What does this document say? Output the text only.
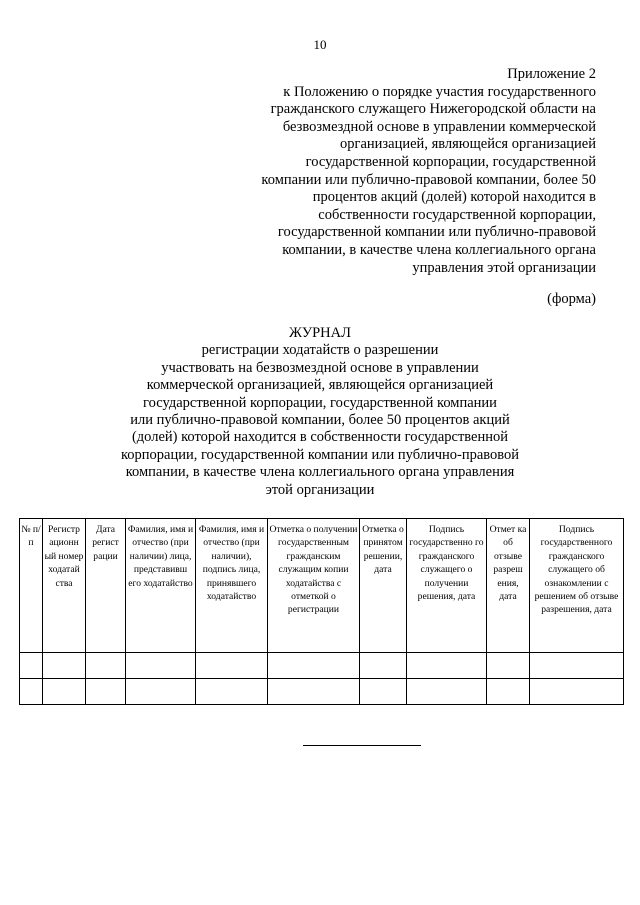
10
Приложение 2
к Положению о порядке участия государственного
гражданского служащего Нижегородской области на
безвозмездной основе в управлении коммерческой
организацией, являющейся организацией
государственной корпорации, государственной
компании или публично-правовой компании, более 50
процентов акций (долей) которой находится в
собственности государственной корпорации,
государственной компании или публично-правовой
компании, в качестве члена коллегиального органа
управления этой организации
(форма)
ЖУРНАЛ
регистрации ходатайств о разрешении
участвовать на безвозмездной основе в управлении
коммерческой организацией, являющейся организацией
государственной корпорации, государственной компании
или публично-правовой компании, более 50 процентов акций
(долей) которой находится в собственности государственной
корпорации, государственной компании или публично-правовой
компании, в качестве члена коллегиального органа управления
этой организации
№ п/п	Регистр ационн ый номер ходатай ства	Дата регист рации	Фамилия, имя и отчество (при наличии) лица, представивш его ходатайство	Фамилия, имя и отчество (при наличии), подпись лица, принявшего ходатайство	Отметка о получении государственным гражданским служащим копии ходатайства с отметкой о регистрации	Отметка о принятом решении, дата	Подпись государственно го гражданского служащего о получении решения, дата	Отмет ка об отзыве разреш ения, дата	Подпись государственного гражданского служащего об ознакомлении с решением об отзыве разрешения, дата
